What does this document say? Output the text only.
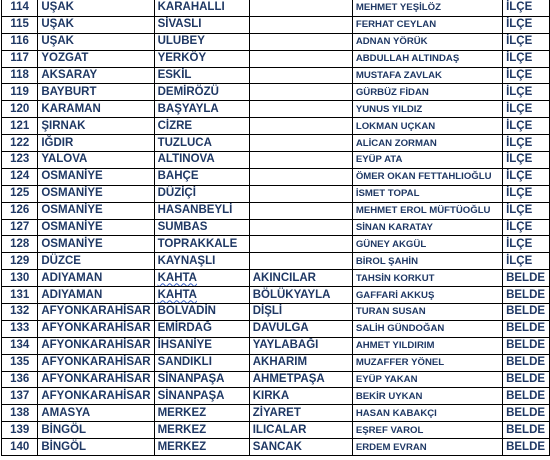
114	UŞAK	KARAHALLI		MEHMET YEŞİLÖZ	İLÇE
115	UŞAK	SİVASLI		FERHAT CEYLAN	İLÇE
116	UŞAK	ULUBEY		ADNAN YÖRÜK	İLÇE
117	YOZGAT	YERKÖY		ABDULLAH ALTINDAŞ	İLÇE
118	AKSARAY	ESKİL		MUSTAFA ZAVLAK	İLÇE
119	BAYBURT	DEMİRÖZÜ		GÜRBÜZ FİDAN	İLÇE
120	KARAMAN	BAŞYAYLA		YUNUS YILDIZ	İLÇE
121	ŞIRNAK	CİZRE		LOKMAN UÇKAN	İLÇE
122	IĞDIR	TUZLUCA		ALİCAN ZORMAN	İLÇE
123	YALOVA	ALTINOVA		EYÜP ATA	İLÇE
124	OSMANİYE	BAHÇE		ÖMER OKAN FETTAHLIOĞLU	İLÇE
125	OSMANİYE	DÜZİÇİ		İSMET TOPAL	İLÇE
126	OSMANİYE	HASANBEYLİ		MEHMET EROL MÜFTÜOĞLU	İLÇE
127	OSMANİYE	SUMBAS		SİNAN KARATAY	İLÇE
128	OSMANİYE	TOPRAKKALE		GÜNEY AKGÜL	İLÇE
129	DÜZCE	KAYNAŞLI		BİROL ŞAHİN	İLÇE
130	ADIYAMAN	KAHTA	AKINCILAR	TAHSİN KORKUT	BELDE
131	ADIYAMAN	KAHTA	BÖLÜKYAYLA	GAFFARİ AKKUŞ	BELDE
132	AFYONKARAHİSAR	BOLVADİN	DİŞLİ	TURAN SUSAN	BELDE
133	AFYONKARAHİSAR	EMİRDAĞ	DAVULGA	SALİH GÜNDOĞAN	BELDE
134	AFYONKARAHİSAR	İHSANİYE	YAYLABAĞI	AHMET YILDIRIM	BELDE
135	AFYONKARAHİSAR	SANDIKLI	AKHARIM	MUZAFFER YÖNEL	BELDE
136	AFYONKARAHİSAR	SİNANPAŞA	AHMETPAŞA	EYÜP YAKAN	BELDE
137	AFYONKARAHİSAR	SİNANPAŞA	KIRKA	BEKİR UYKAN	BELDE
138	AMASYA	MERKEZ	ZİYARET	HASAN KABAKÇI	BELDE
139	BİNGÖL	MERKEZ	ILICALAR	EŞREF VAROL	BELDE
140	BİNGÖL	MERKEZ	SANCAK	ERDEM EVRAN	BELDE
